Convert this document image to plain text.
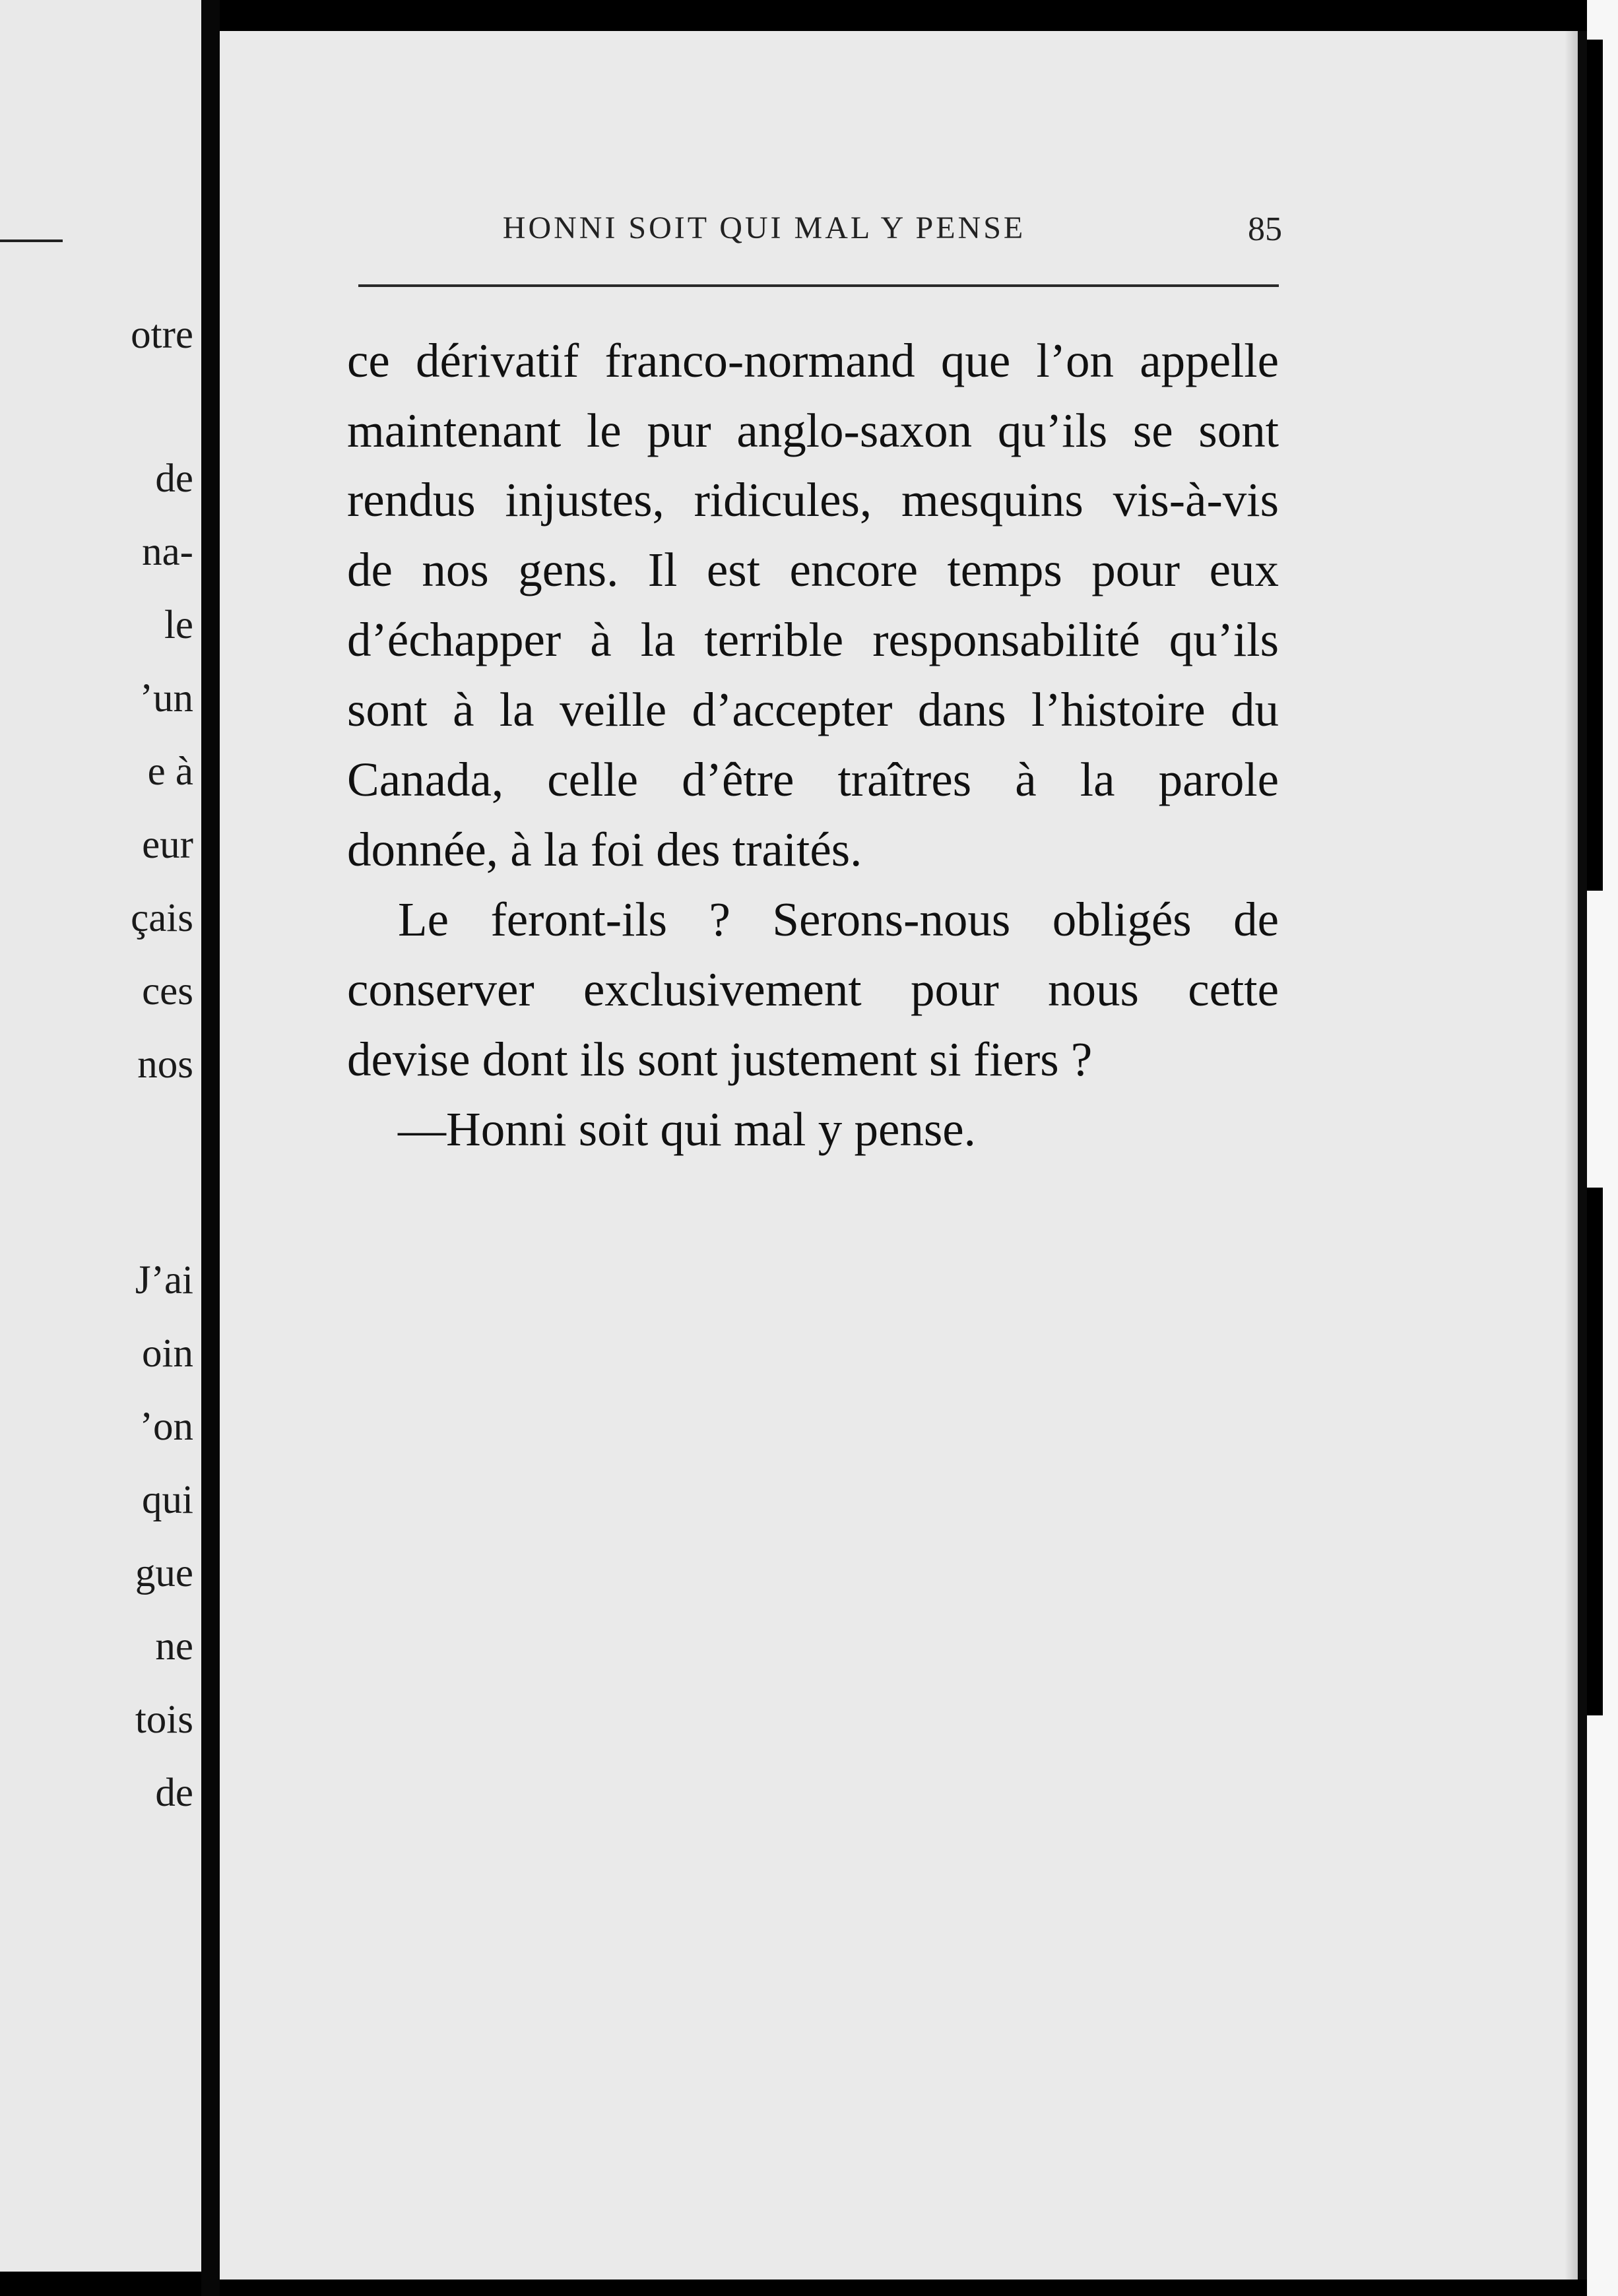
otre
de
na-
le
’un
e à
eur
çais
ces
nos
J’ai
oin
’on
qui
gue
ne
tois
de
HONNI SOIT QUI MAL Y PENSE	85
ce dérivatif franco-normand que l’on appelle
maintenant le pur anglo-saxon qu’ils se sont
rendus injustes, ridicules, mesquins vis-à-vis
de nos gens. Il est encore temps pour eux
d’échapper à la terrible responsabilité qu’ils
sont à la veille d’accepter dans l’histoire du
Canada, celle d’être traîtres à la parole
donnée, à la foi des traités.
Le feront-ils ? Serons-nous obligés de
conserver exclusivement pour nous cette
devise dont ils sont justement si fiers ?
—Honni soit qui mal y pense.
